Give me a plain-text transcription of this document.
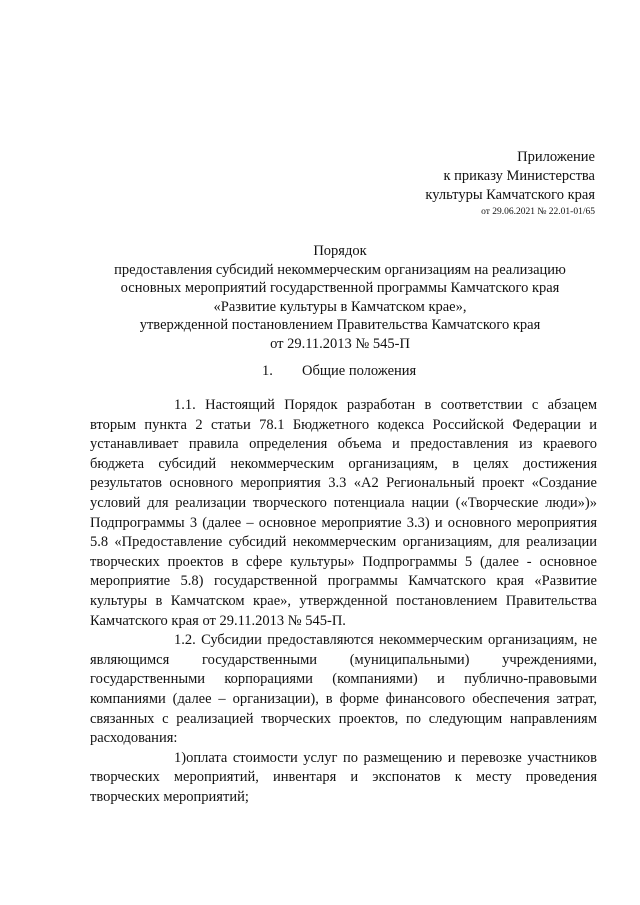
Приложение
к приказу Министерства
культуры Камчатского края
от 29.06.2021 № 22.01-01/65
Порядок
предоставления субсидий некоммерческим организациям на реализацию
основных мероприятий государственной программы Камчатского края
«Развитие культуры в Камчатском крае»,
утвержденной постановлением Правительства Камчатского края
от 29.11.2013 № 545-П
1. Общие положения

1.1. Настоящий Порядок разработан в соответствии с абзацем вторым пункта 2 статьи 78.1 Бюджетного кодекса Российской Федерации и устанавливает правила определения объема и предоставления из краевого бюджета субсидий некоммерческим организациям, в целях достижения результатов основного мероприятия 3.3 «А2 Региональный проект «Создание условий для реализации творческого потенциала нации («Творческие люди»)» Подпрограммы 3 (далее – основное мероприятие 3.3) и основного мероприятия 5.8 «Предоставление субсидий некоммерческим организациям, для реализации творческих проектов в сфере культуры» Подпрограммы 5 (далее - основное мероприятие 5.8) государственной программы Камчатского края «Развитие культуры в Камчатском крае», утвержденной постановлением Правительства Камчатского края от 29.11.2013 № 545-П.

1.2. Субсидии предоставляются некоммерческим организациям, не являющимся государственными (муниципальными) учреждениями, государственными корпорациями (компаниями) и публично-правовыми компаниями (далее – организации), в форме финансового обеспечения затрат, связанных с реализацией творческих проектов, по следующим направлениям расходования:

1)оплата стоимости услуг по размещению и перевозке участников творческих мероприятий, инвентаря и экспонатов к месту проведения творческих мероприятий;
